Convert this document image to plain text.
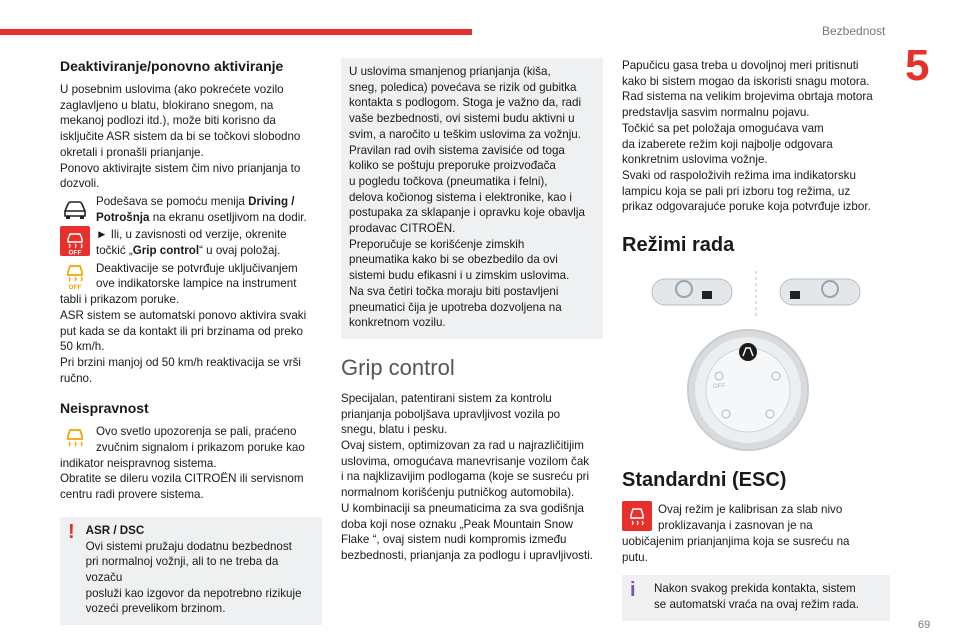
Bezbednost
5
69
Deaktiviranje/ponovno aktiviranje

U posebnim uslovima (ako pokrećete vozilo
zaglavljeno u blatu, blokirano snegom, na
mekanoj podlozi itd.), može biti korisno da
isključite ASR sistem da bi se točkovi slobodno
okretali i pronašli prianjanje.
Ponovo aktivirajte sistem čim nivo prianjanja to
dozvoli.

Podešava se pomoću menija Driving /
Potrošnja na ekranu osetljivom na dodir.
OFF
► Ili, u zavisnosti od verzije, okrenite
točkić „Grip control“ u ovaj položaj.
OFF
Deaktivacije se potvrđuje uključivanjem
ove indikatorske lampice na instrument

tabli i prikazom poruke.
ASR sistem se automatski ponovo aktivira svaki
put kada se da kontakt ili pri brzinama od preko
50 km/h.
Pri brzini manjoj od 50 km/h reaktivacija se vrši
ručno.

Neispravnost
Ovo svetlo upozorenja se pali, praćeno
zvučnim signalom i prikazom poruke kao

indikator neispravnog sistema.
Obratite se dileru vozila CITROËN ili servisnom
centru radi provere sistema.

! ASR / DSC

Ovi sistemi pružaju dodatnu bezbednost
pri normalnoj vožnji, ali to ne treba da vozaču
posluži kao izgovor da nepotrebno rizikuje
vozeći prevelikom brzinom.

U uslovima smanjenog prianjanja (kiša,
sneg, poledica) povećava se rizik od gubitka
kontakta s podlogom. Stoga je važno da, radi
vaše bezbednosti, ovi sistemi budu aktivni u
svim, a naročito u teškim uslovima za vožnju.
Pravilan rad ovih sistema zavisiće od toga
koliko se poštuju preporuke proizvođača
u pogledu točkova (pneumatika i felni),
delova kočionog sistema i elektronike, kao i
postupaka za sklapanje i opravku koje obavlja
prodavac CITROËN.
Preporučuje se korišćenje zimskih
pneumatika kako bi se obezbedilo da ovi
sistemi budu efikasni i u zimskim uslovima.
Na sva četiri točka moraju biti postavljeni
pneumatici čija je upotreba dozvoljena na
konkretnom vozilu.

Grip control

Specijalan, patentirani sistem za kontrolu
prianjanja poboljšava upravljivost vozila po
snegu, blatu i pesku.
Ovaj sistem, optimizovan za rad u najrazličitijim
uslovima, omogućava manevrisanje vozilom čak
i na najklizavijim podlogama (koje se susreću pri
normalnom korišćenju putničkog automobila).
U kombinaciji sa pneumaticima za sva godišnja
doba koji nose oznaku „Peak Mountain Snow
Flake “, ovaj sistem nudi kompromis između
bezbednosti, prianjanja za podlogu i upravljivosti.

Papučicu gasa treba u dovoljnoj meri pritisnuti
kako bi sistem mogao da iskoristi snagu motora.
Rad sistema na velikim brojevima obrtaja motora
predstavlja sasvim normalnu pojavu.
Točkić sa pet položaja omogućava vam
da izaberete režim koji najbolje odgovara
konkretnim uslovima vožnje.
Svaki od raspoloživih režima ima indikatorsku
lampicu koja se pali pri izboru tog režima, uz
prikaz odgovarajuće poruke koja potvrđuje izbor.

Režimi rada

OFF
Standardni (ESC)
Ovaj režim je kalibrisan za slab nivo
proklizavanja i zasnovan je na

uobičajenim prianjanjima koja se susreću na
putu.

i	Nakon svakog prekida kontakta, sistem
se automatski vraća na ovaj režim rada.
